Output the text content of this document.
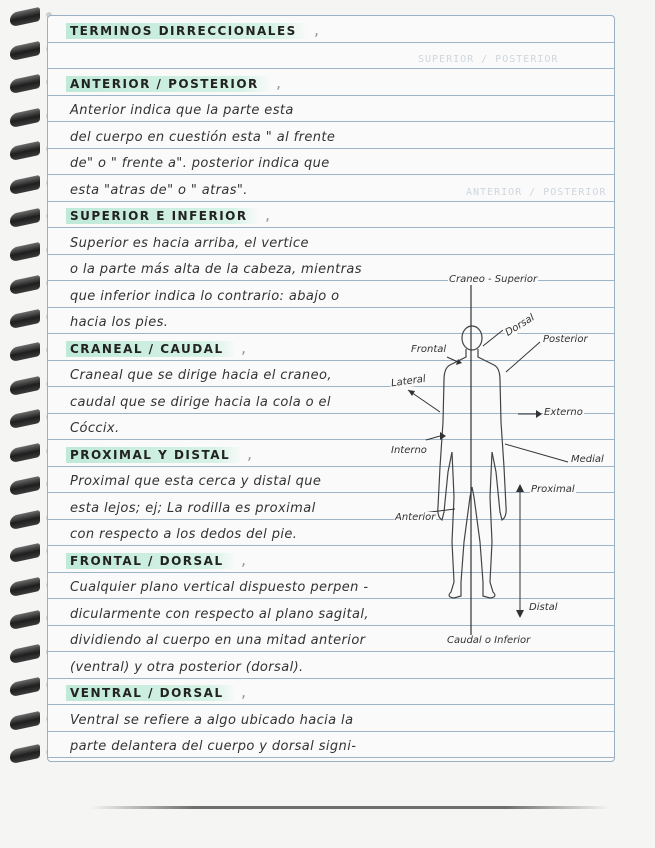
SUPERIOR / POSTERIOR
ANTERIOR / POSTERIOR
TERMINOS DIRRECCIONALES	,
ANTERIOR / POSTERIOR	,
Anterior indica que la parte esta
del cuerpo en cuestión esta " al frente
de" o " frente a". posterior indica que
esta "atras de" o " atras".
SUPERIOR E INFERIOR	,
Superior es hacia arriba, el vertice
o la parte más alta de la cabeza, mientras
que inferior indica lo contrario: abajo o
hacia los pies.
CRANEAL / CAUDAL	,
Craneal que se dirige hacia el craneo,
caudal que se dirige hacia la cola o el
Cóccix.
PROXIMAL Y DISTAL	,
Proximal que esta cerca y distal que
esta lejos; ej; La rodilla es proximal
con respecto a los dedos del pie.
FRONTAL / DORSAL	,
Cualquier plano vertical dispuesto perpen -
dicularmente con respecto al plano sagital,
dividiendo al cuerpo en una mitad anterior
(ventral) y otra posterior (dorsal).
VENTRAL / DORSAL	,
Ventral se refiere a algo ubicado hacia la
parte delantera del cuerpo y dorsal signi-
Craneo - Superior
Dorsal
Frontal
Posterior
Lateral
Externo
Interno
Medial
Proximal
Anterior
Distal
Caudal o Inferior
